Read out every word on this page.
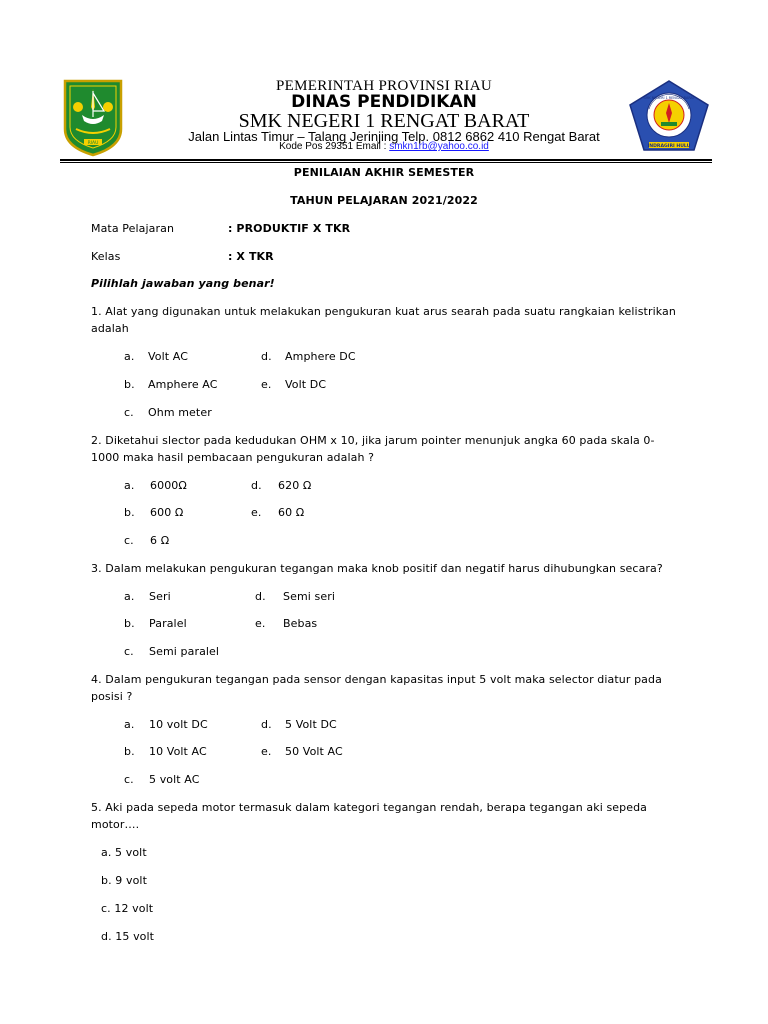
RIAU
INDRAGIRI HULU
SMK NEGERI 1 RENGAT BARAT
PEMERINTAH PROVINSI RIAU
DINAS PENDIDIKAN
SMK NEGERI 1 RENGAT BARAT
Jalan Lintas Timur – Talang Jerinjing Telp. 0812 6862 410 Rengat Barat
Kode Pos 29351 Email : smkn1rb@yahoo.co.id
PENILAIAN AKHIR SEMESTER
TAHUN PELAJARAN 2021/2022
Mata Pelajaran	: PRODUKTIF X TKR
Kelas	: X TKR
Pilihlah jawaban yang benar!
1. Alat yang digunakan untuk melakukan pengukuran kuat arus searah pada suatu rangkaian kelistrikan
adalah
a. Volt AC	d. Amphere DC
b. Amphere AC	e. Volt DC
c. Ohm meter
2. Diketahui slector pada kedudukan OHM x 10, jika jarum pointer menunjuk angka 60 pada skala 0-
1000 maka hasil pembacaan pengukuran adalah ?
a. 6000Ω	d. 620 Ω
b. 600 Ω	e. 60 Ω
c. 6 Ω
3. Dalam melakukan pengukuran tegangan maka knob positif dan negatif harus dihubungkan secara?
a. Seri	d. Semi seri
b. Paralel	e. Bebas
c. Semi paralel
4. Dalam pengukuran tegangan pada sensor dengan kapasitas input 5 volt maka selector diatur pada
posisi ?
a. 10 volt DC	d. 5 Volt DC
b. 10 Volt AC	e. 50 Volt AC
c. 5 volt AC
5. Aki pada sepeda motor termasuk dalam kategori tegangan rendah, berapa tegangan aki sepeda
motor….
a. 5 volt
b. 9 volt
c. 12 volt
d. 15 volt
